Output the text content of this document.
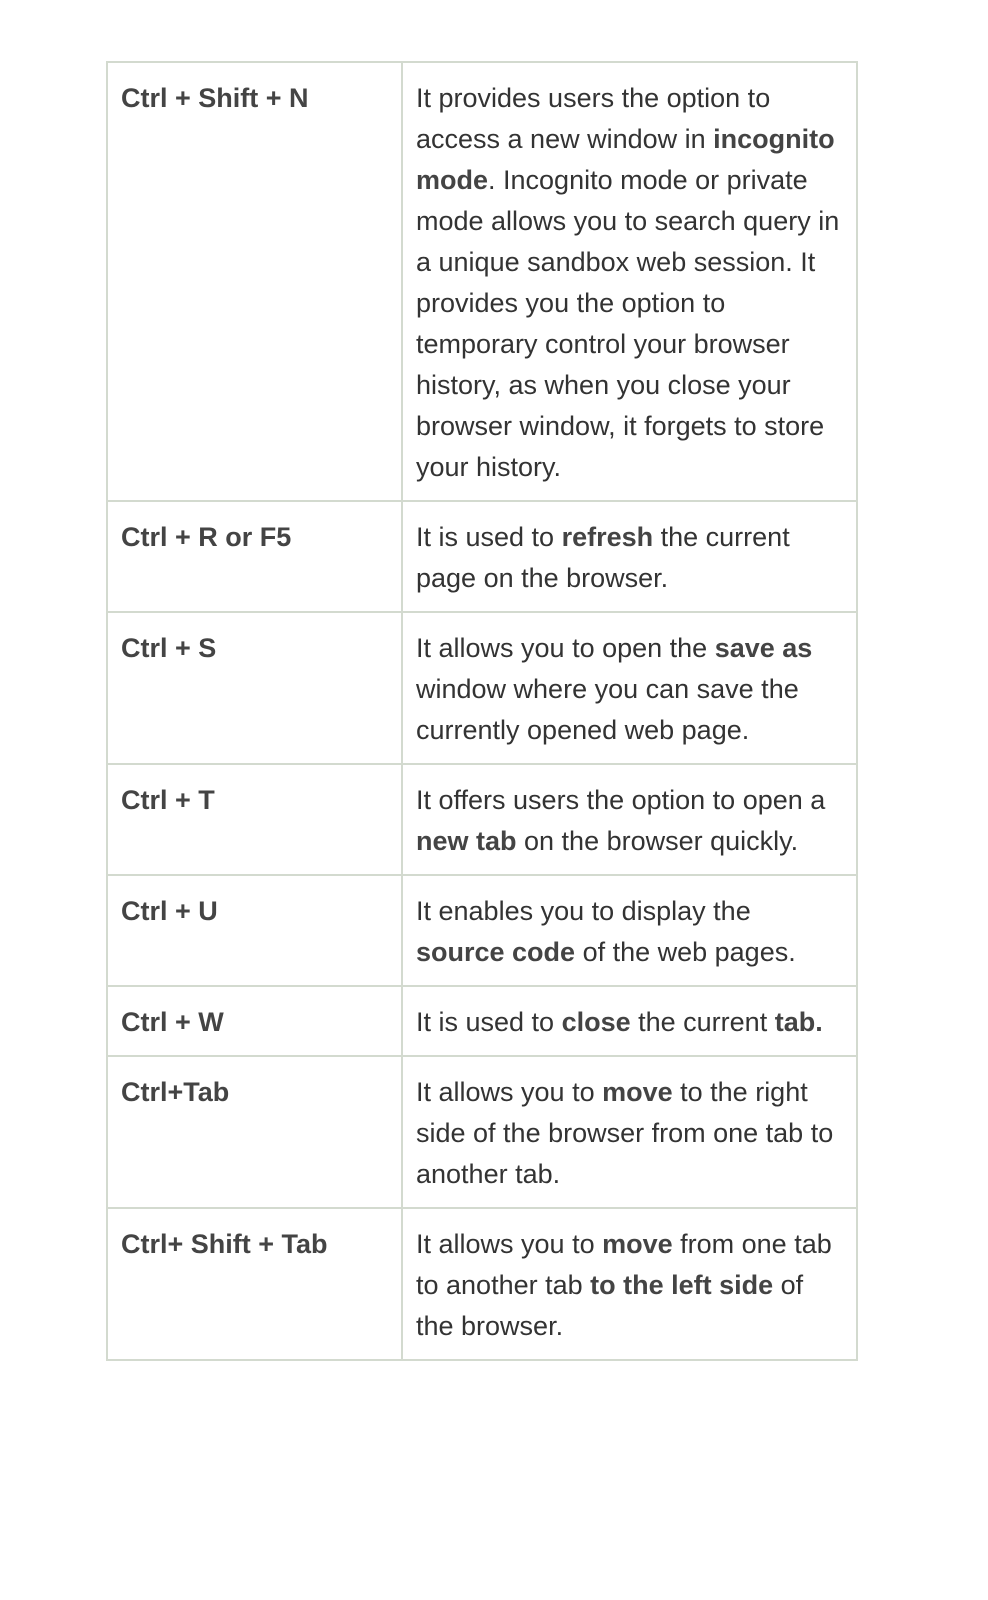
Ctrl + Shift + N	It provides users the option to access a new window in incognito mode. Incognito mode or private mode allows you to search query in a unique sandbox web session. It provides you the option to temporary control your browser history, as when you close your browser window, it forgets to store your history.
Ctrl + R or F5	It is used to refresh the current page on the browser.
Ctrl + S	It allows you to open the save as window where you can save the currently opened web page.
Ctrl + T	It offers users the option to open a new tab on the browser quickly.
Ctrl + U	It enables you to display the source code of the web pages.
Ctrl + W	It is used to close the current tab.
Ctrl+Tab	It allows you to move to the right side of the browser from one tab to another tab.
Ctrl+ Shift + Tab	It allows you to move from one tab to another tab to the left side of the browser.
